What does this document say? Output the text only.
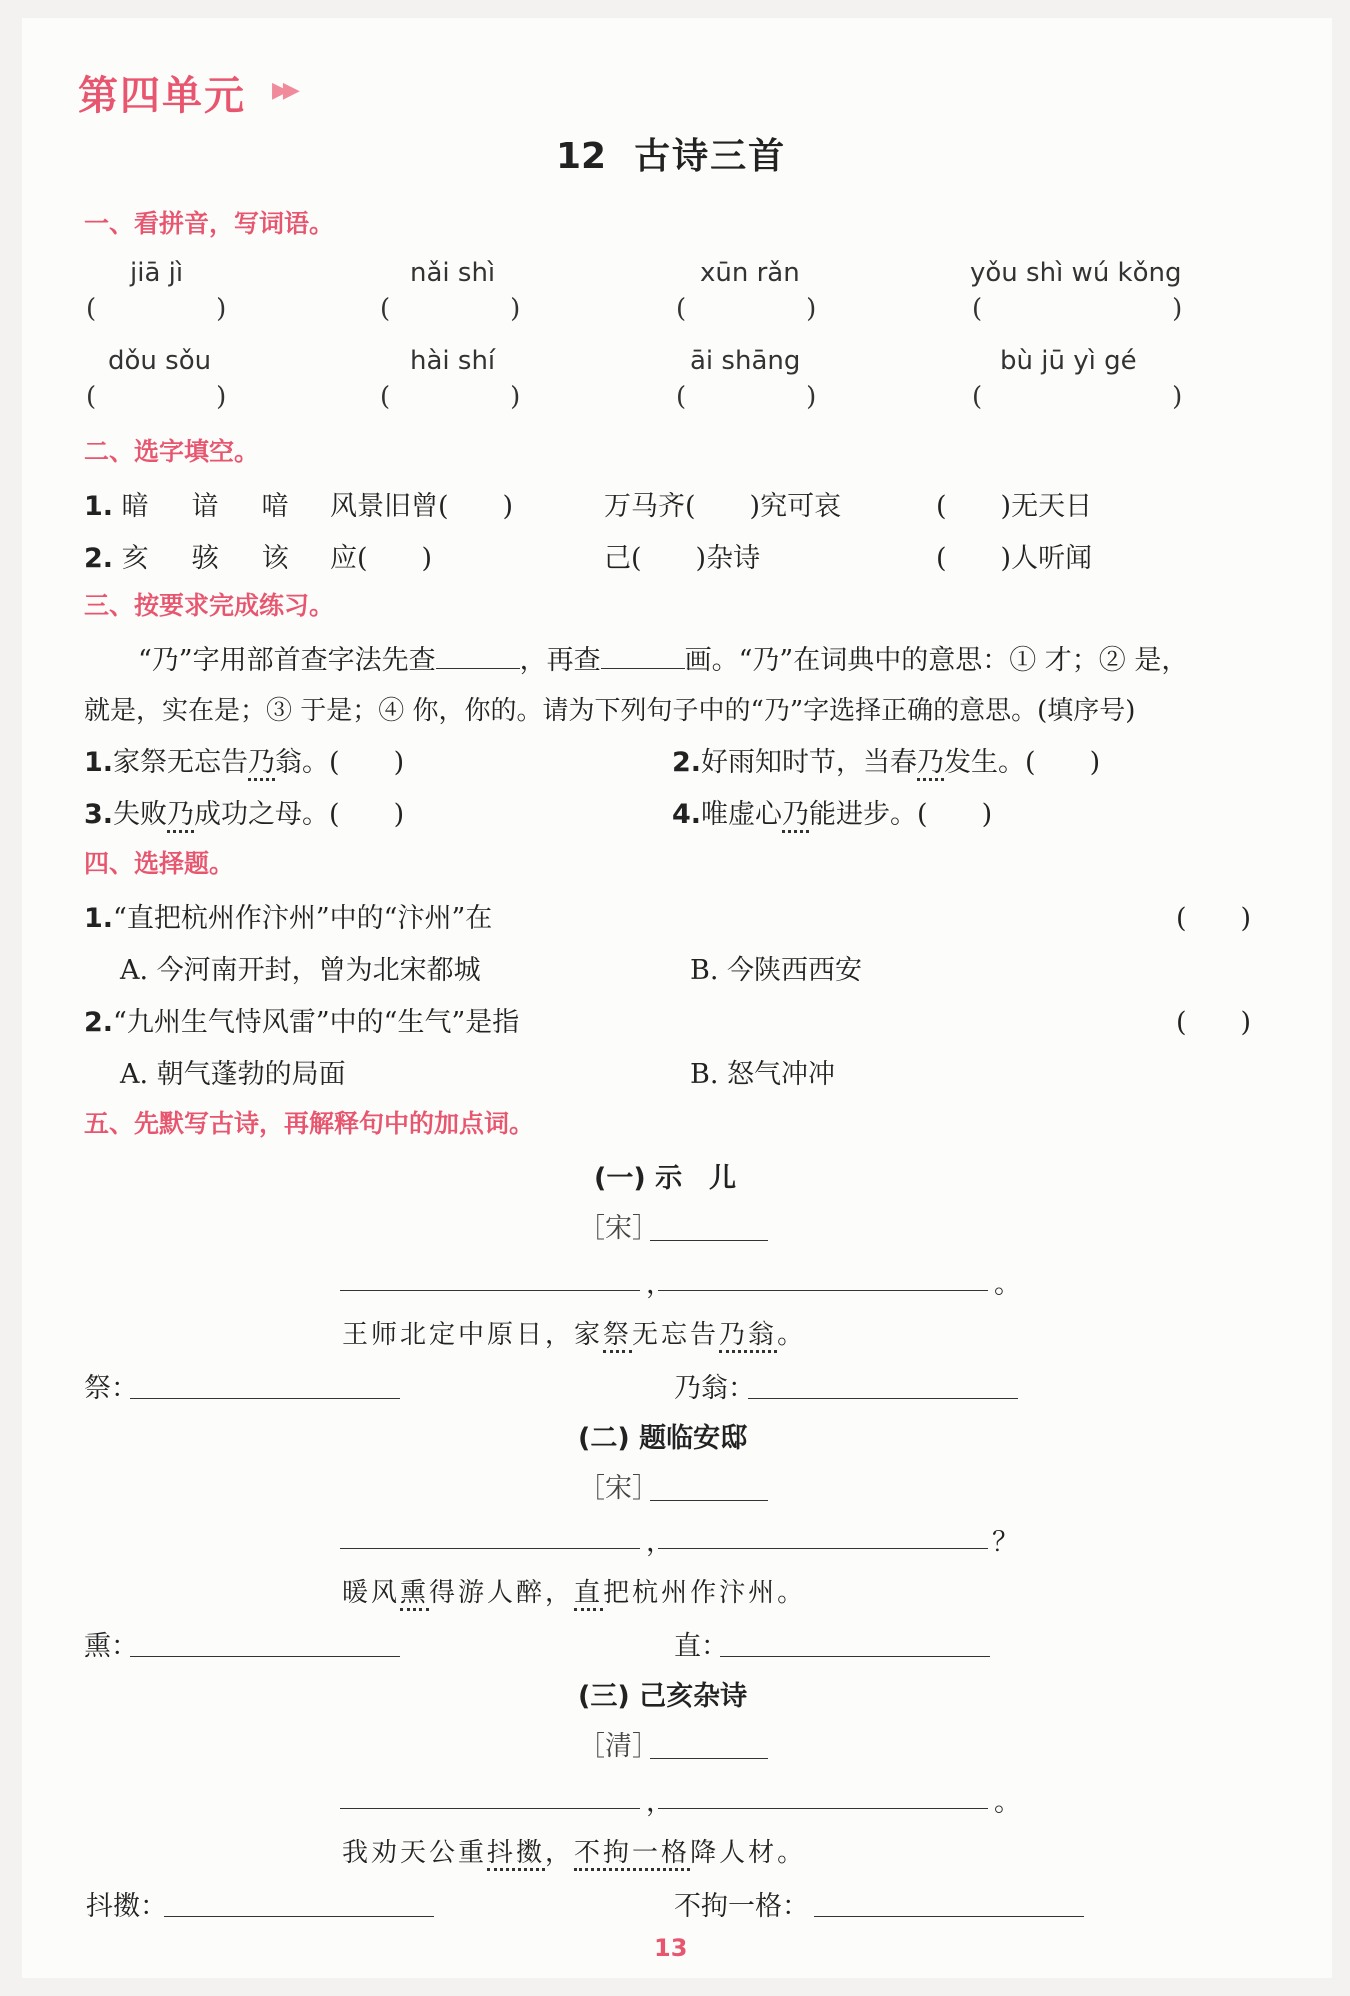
第四单元 ▶▶
12 古诗三首
一、看拼音，写词语。
jiā jì	nǎi shì	xūn rǎn	yǒu shì wú kǒng
(	)	(	)	(	)	(	)
dǒu sǒu	hài shí	āi shāng	bù jū yì gé
(	)	(	)	(	)	(	)
二、选字填空。
1. 暗　谙　喑 风景旧曾(　　)	万马齐(　　)究可哀	(　　)无天日
2. 亥　骇　该 应(　　)	己(　　)杂诗	(　　)人听闻
三、按要求完成练习。
“乃”字用部首查字法先查	，再查	画。“乃”在词典中的意思：① 才；② 是，
就是，实在是；③ 于是；④ 你，你的。请为下列句子中的“乃”字选择正确的意思。(填序号)
1.家祭无忘告乃翁。(　　)	2.好雨知时节，当春乃发生。(　　)
3.失败乃成功之母。(　　)	4.唯虚心乃能进步。(　　)
四、选择题。
1.“直把杭州作汴州”中的“汴州”在	(　　)
A. 今河南开封，曾为北宋都城	B. 今陕西西安
2.“九州生气恃风雷”中的“生气”是指	(　　)
A. 朝气蓬勃的局面	B. 怒气冲冲
五、先默写古诗，再解释句中的加点词。
(一) 示　儿
［宋］
，	。
王师北定中原日，家祭无忘告乃翁。
祭：	乃翁：
(二) 题临安邸
［宋］
，	？
暖风熏得游人醉，直把杭州作汴州。
熏：	直：
(三) 己亥杂诗
［清］
，	。
我劝天公重抖擞，不拘一格降人材。
抖擞：	不拘一格：
13
